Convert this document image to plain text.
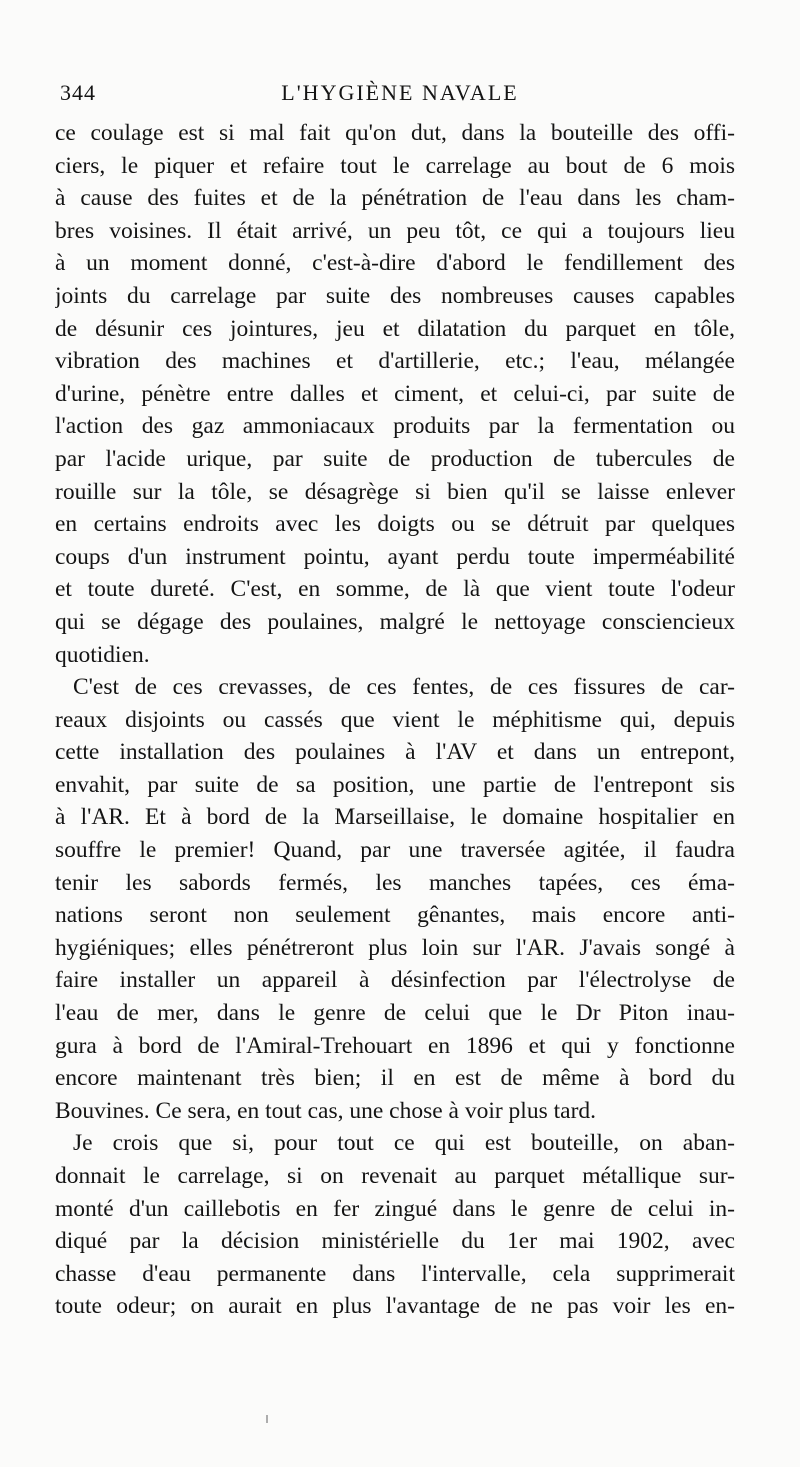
344	L'HYGIÈNE NAVALE
ce coulage est si mal fait qu'on dut, dans la bouteille des offi-
ciers, le piquer et refaire tout le carrelage au bout de 6 mois
à cause des fuites et de la pénétration de l'eau dans les cham-
bres voisines. Il était arrivé, un peu tôt, ce qui a toujours lieu
à un moment donné, c'est-à-dire d'abord le fendillement des
joints du carrelage par suite des nombreuses causes capables
de désunir ces jointures, jeu et dilatation du parquet en tôle,
vibration des machines et d'artillerie, etc.; l'eau, mélangée
d'urine, pénètre entre dalles et ciment, et celui-ci, par suite de
l'action des gaz ammoniacaux produits par la fermentation ou
par l'acide urique, par suite de production de tubercules de
rouille sur la tôle, se désagrège si bien qu'il se laisse enlever
en certains endroits avec les doigts ou se détruit par quelques
coups d'un instrument pointu, ayant perdu toute imperméabilité
et toute dureté. C'est, en somme, de là que vient toute l'odeur
qui se dégage des poulaines, malgré le nettoyage consciencieux
quotidien.
C'est de ces crevasses, de ces fentes, de ces fissures de car-
reaux disjoints ou cassés que vient le méphitisme qui, depuis
cette installation des poulaines à l'AV et dans un entrepont,
envahit, par suite de sa position, une partie de l'entrepont sis
à l'AR. Et à bord de la Marseillaise, le domaine hospitalier en
souffre le premier! Quand, par une traversée agitée, il faudra
tenir les sabords fermés, les manches tapées, ces éma-
nations seront non seulement gênantes, mais encore anti-
hygiéniques; elles pénétreront plus loin sur l'AR. J'avais songé à
faire installer un appareil à désinfection par l'électrolyse de
l'eau de mer, dans le genre de celui que le Dr Piton inau-
gura à bord de l'Amiral-Trehouart en 1896 et qui y fonctionne
encore maintenant très bien; il en est de même à bord du
Bouvines. Ce sera, en tout cas, une chose à voir plus tard.
Je crois que si, pour tout ce qui est bouteille, on aban-
donnait le carrelage, si on revenait au parquet métallique sur-
monté d'un caillebotis en fer zingué dans le genre de celui in-
diqué par la décision ministérielle du 1er mai 1902, avec
chasse d'eau permanente dans l'intervalle, cela supprimerait
toute odeur; on aurait en plus l'avantage de ne pas voir les en-
